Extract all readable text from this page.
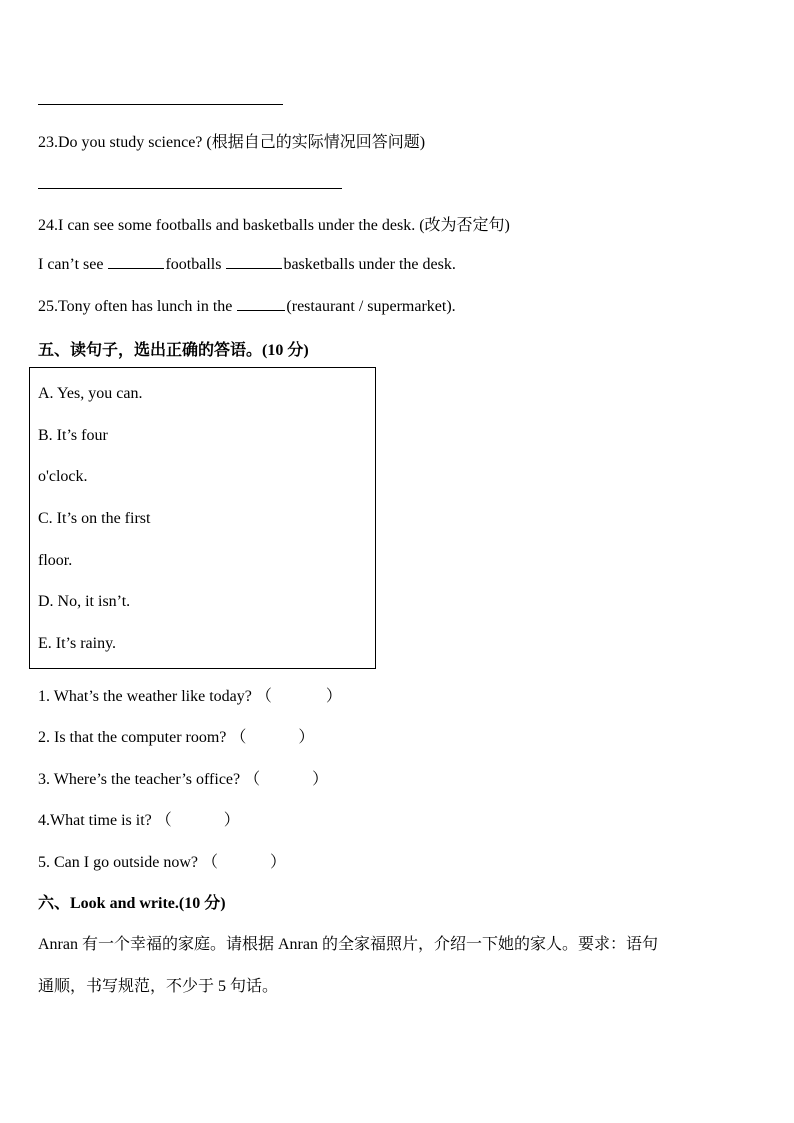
23.Do you study science? (根据自己的实际情况回答问题)
24.I can see some footballs and basketballs under the desk. (改为否定句)
I can’t see	footballs	basketballs under the desk.
25.Tony often has lunch in the	(restaurant / supermarket).
五、读句子，选出正确的答语。(10 分)
A. Yes, you can.
B. It’s four
o'clock.
C. It’s on the first
floor.
D. No, it isn’t.
E. It’s rainy.
1. What’s the weather like today? （	）
2. Is that the computer room? （	）
3. Where’s the teacher’s office? （	）
4.What time is it? （	）
5. Can I go outside now? （	）
六、Look and write.(10 分)
Anran 有一个幸福的家庭。请根据 Anran 的全家福照片，介绍一下她的家人。要求：语句
通顺，书写规范，不少于 5 句话。
